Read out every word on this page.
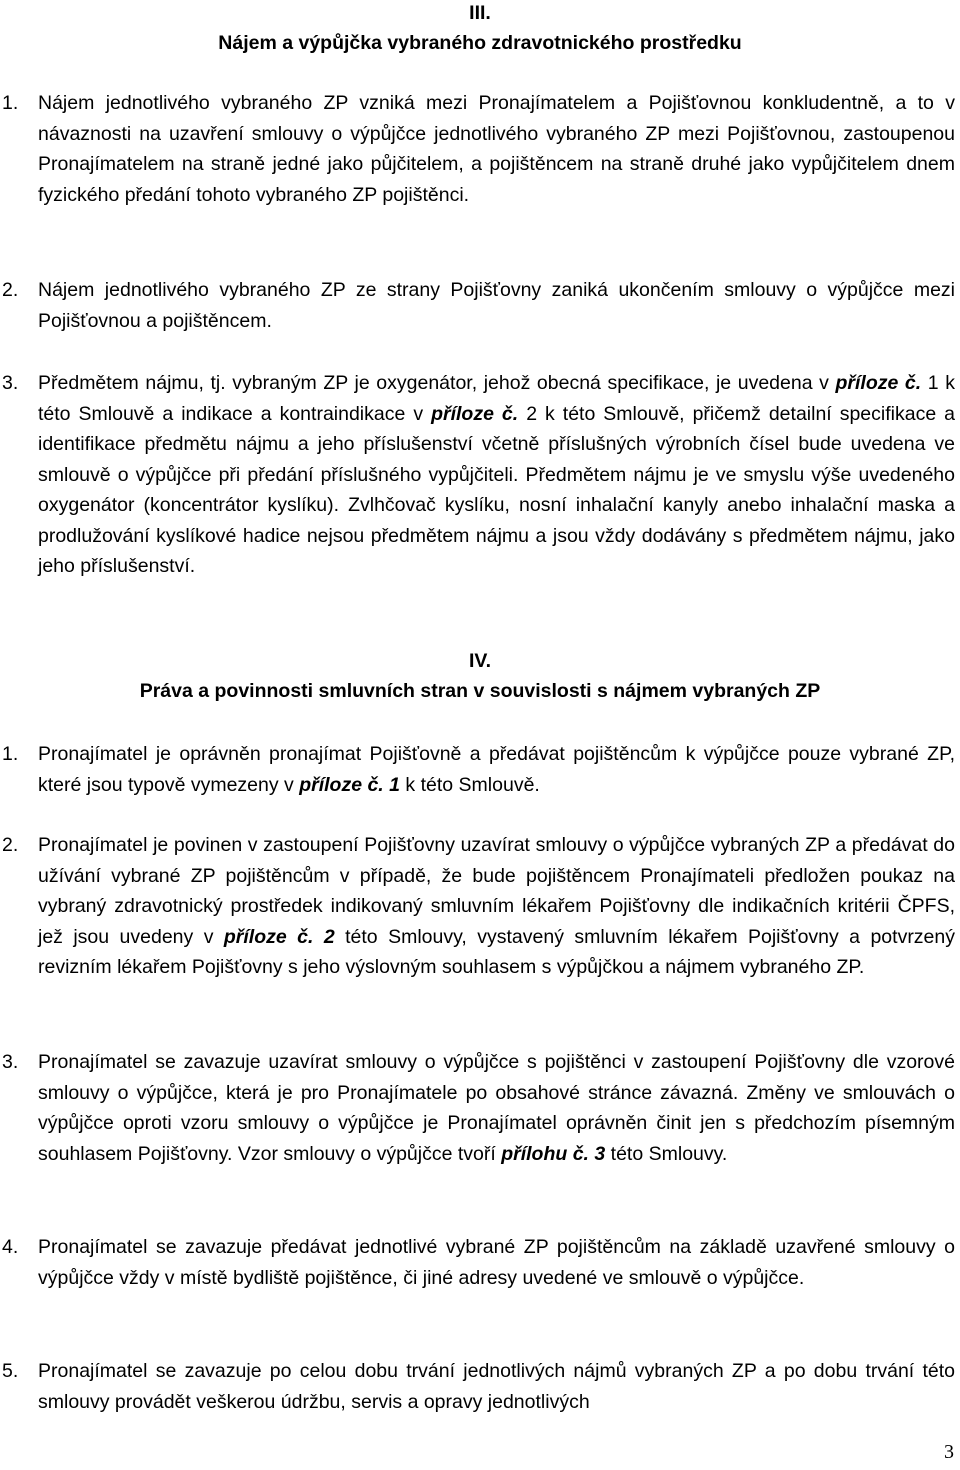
III.

Nájem a výpůjčka vybraného zdravotnického prostředku

1.	Nájem jednotlivého vybraného ZP vzniká mezi Pronajímatelem a Pojišťovnou konkludentně, a to v návaznosti na uzavření smlouvy o výpůjčce jednotlivého vybraného ZP mezi Pojišťovnou, zastoupenou Pronajímatelem na straně jedné jako půjčitelem, a pojištěncem na straně druhé jako vypůjčitelem dnem fyzického předání tohoto vybraného ZP pojištěnci.
2.	Nájem jednotlivého vybraného ZP ze strany Pojišťovny zaniká ukončením smlouvy o výpůjčce mezi Pojišťovnou a pojištěncem.
3.	Předmětem nájmu, tj. vybraným ZP je oxygenátor, jehož obecná specifikace, je uvedena v příloze č. 1 k této Smlouvě a indikace a kontraindikace v příloze č. 2 k této Smlouvě, přičemž detailní specifikace a identifikace předmětu nájmu a jeho příslušenství včetně příslušných výrobních čísel bude uvedena ve smlouvě o výpůjčce při předání příslušného vypůjčiteli. Předmětem nájmu je ve smyslu výše uvedeného oxygenátor (koncentrátor kyslíku). Zvlhčovač kyslíku, nosní inhalační kanyly anebo inhalační maska a prodlužování kyslíkové hadice nejsou předmětem nájmu a jsou vždy dodávány s předmětem nájmu, jako jeho příslušenství.

IV.

Práva a povinnosti smluvních stran v souvislosti s nájmem vybraných ZP

1.	Pronajímatel je oprávněn pronajímat Pojišťovně a předávat pojištěncům k výpůjčce pouze vybrané ZP, které jsou typově vymezeny v příloze č. 1 k této Smlouvě.
2.	Pronajímatel je povinen v zastoupení Pojišťovny uzavírat smlouvy o výpůjčce vybraných ZP a předávat do užívání vybrané ZP pojištěncům v případě, že bude pojištěncem Pronajímateli předložen poukaz na vybraný zdravotnický prostředek indikovaný smluvním lékařem Pojišťovny dle indikačních kritérii ČPFS, jež jsou uvedeny v příloze č. 2 této Smlouvy, vystavený smluvním lékařem Pojišťovny a potvrzený revizním lékařem Pojišťovny s jeho výslovným souhlasem s výpůjčkou a nájmem vybraného ZP.
3.	Pronajímatel se zavazuje uzavírat smlouvy o výpůjčce s pojištěnci v zastoupení Pojišťovny dle vzorové smlouvy o výpůjčce, která je pro Pronajímatele po obsahové stránce závazná. Změny ve smlouvách o výpůjčce oproti vzoru smlouvy o výpůjčce je Pronajímatel oprávněn činit jen s předchozím písemným souhlasem Pojišťovny. Vzor smlouvy o výpůjčce tvoří přílohu č. 3 této Smlouvy.
4.	Pronajímatel se zavazuje předávat jednotlivé vybrané ZP pojištěncům na základě uzavřené smlouvy o výpůjčce vždy v místě bydliště pojištěnce, či jiné adresy uvedené ve smlouvě o výpůjčce.
5.	Pronajímatel se zavazuje po celou dobu trvání jednotlivých nájmů vybraných ZP a po dobu trvání této smlouvy provádět veškerou údržbu, servis a opravy jednotlivých
3
